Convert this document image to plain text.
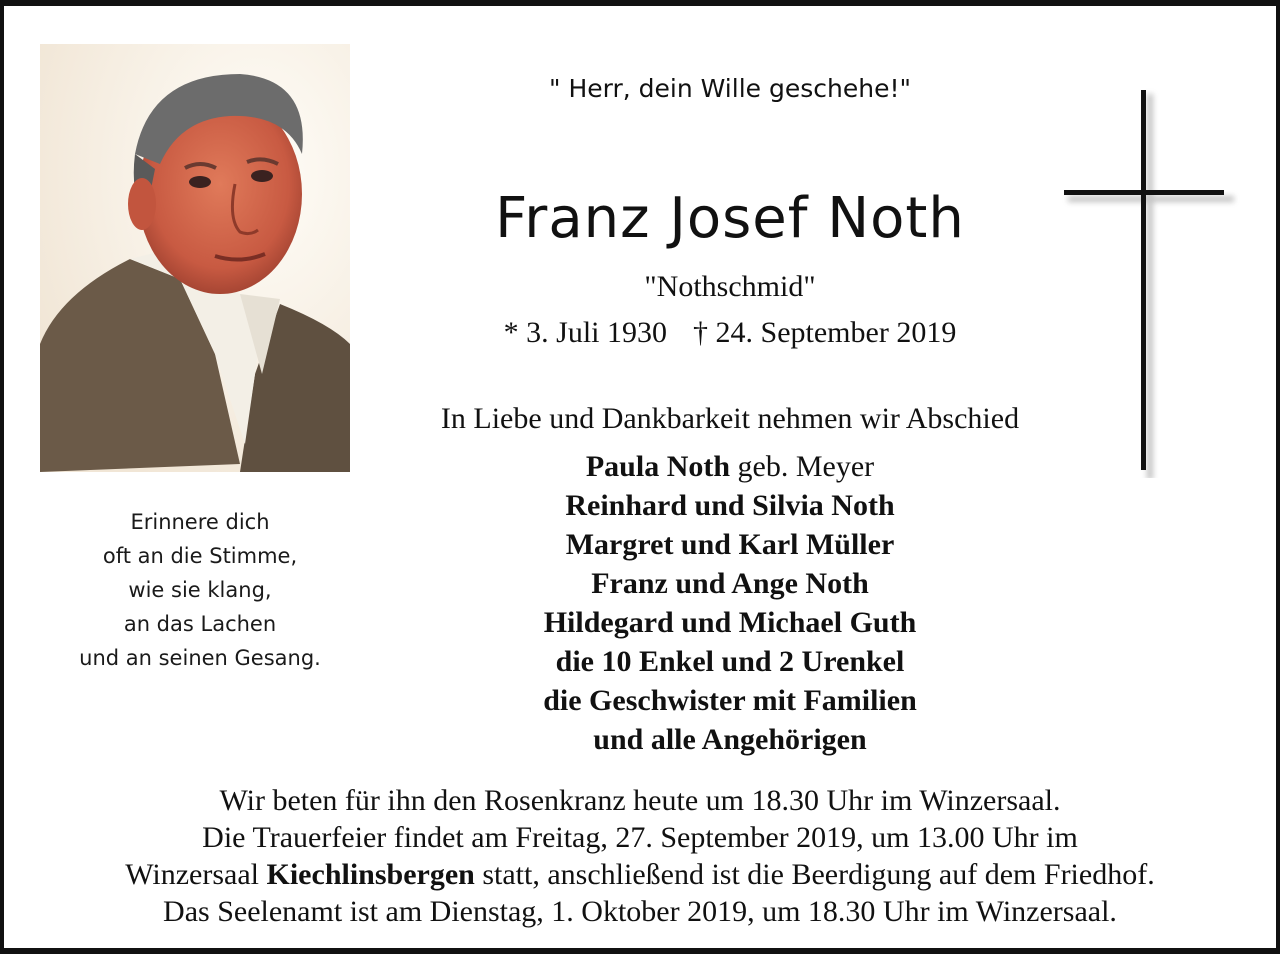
Erinnere dich
oft an die Stimme,
wie sie klang,
an das Lachen
und an seinen Gesang.
" Herr, dein Wille geschehe!"
Franz Josef Noth
"Nothschmid"
* 3. Juli 1930 † 24. September 2019
In Liebe und Dankbarkeit nehmen wir Abschied
Paula Noth geb. Meyer
Reinhard und Silvia Noth
Margret und Karl Müller
Franz und Ange Noth
Hildegard und Michael Guth
die 10 Enkel und 2 Urenkel
die Geschwister mit Familien
und alle Angehörigen
Wir beten für ihn den Rosenkranz heute um 18.30 Uhr im Winzersaal.
Die Trauerfeier findet am Freitag, 27. September 2019, um 13.00 Uhr im
Winzersaal Kiechlinsbergen statt, anschließend ist die Beerdigung auf dem Friedhof.
Das Seelenamt ist am Dienstag, 1. Oktober 2019, um 18.30 Uhr im Winzersaal.
